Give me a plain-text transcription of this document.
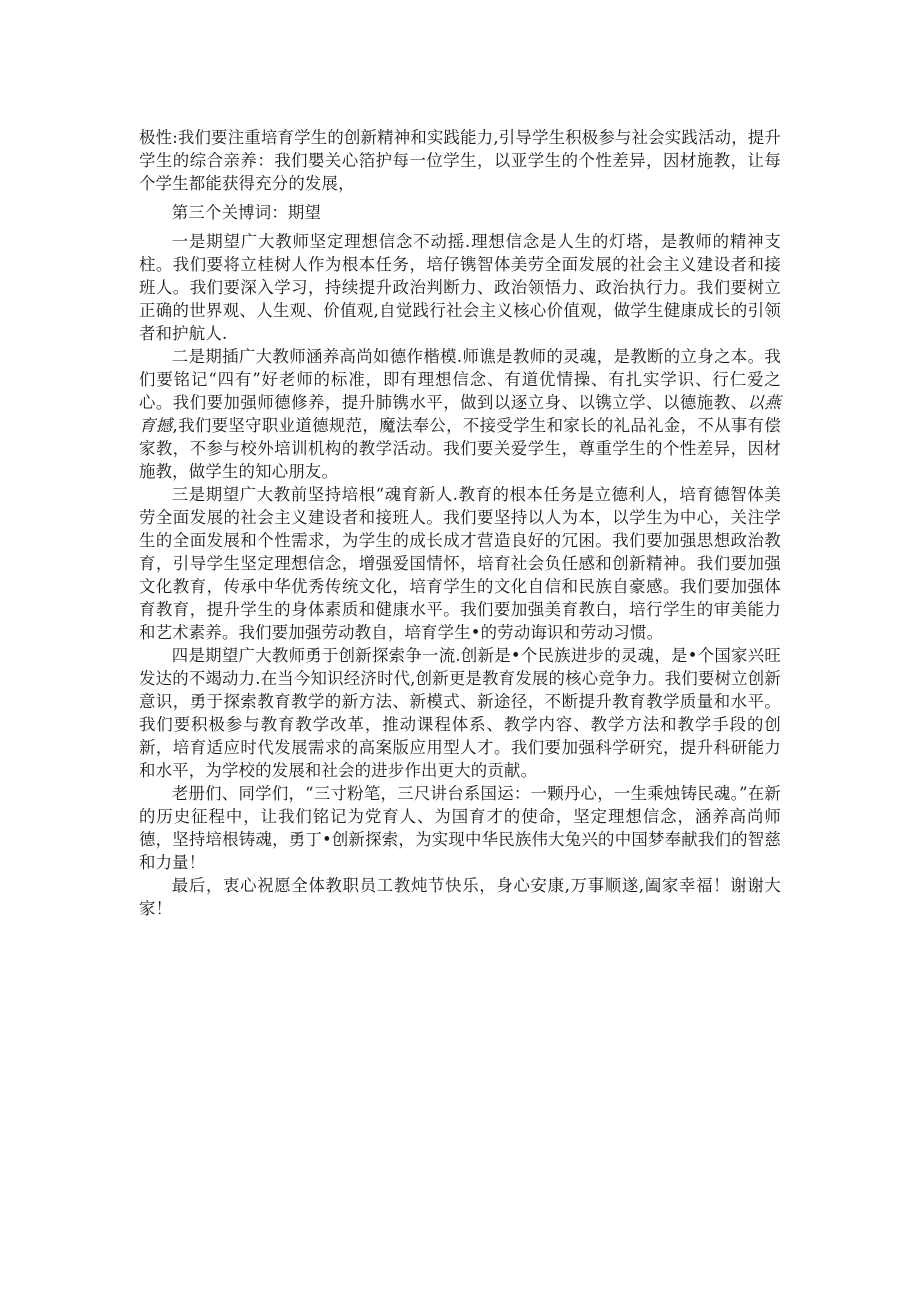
极性:我们要注重培育学生的创新精神和实践能力,引导学生积极参与社会实践活动，提升学生的综合亲养：我们嬰关心箔护每一位学生，以亚学生的个性差异，因材施教，让每个学生都能获得充分的发展，

第三个关博词：期望

一是期望广大教师坚定理想信念不动摇.理想信念是人生的灯塔，是教师的精神支柱。我们要将立桂树人作为根本任务，培仔镌智体美劳全面发展的社会主义建设者和接班人。我们要深入学习，持续提升政治判断力、政治领悟力、政治执行力。我们要树立正确的世界观、人生观、价值观,自觉践行社会主义核心价值观，做学生健康成长的引领者和护航人.

二是期插广大教师涵养高尚如德作楷模.师谯是教师的灵魂，是教断的立身之本。我们要铭记“四有”好老师的标准，即有理想信念、有道优情操、有扎实学识、行仁爱之心。我们要加强师德修养，提升肺镌水平，做到以逐立身、以镌立学、以德施教、以燕育撼,我们要坚守职业道德规范，魔法奉公，不接受学生和家长的礼品礼金，不从事有偿家教，不参与校外培训机构的教学活动。我们要关爱学生，尊重学生的个性差异，因材施教，做学生的知心朋友。

三是期望广大教前坚持培根“魂育新人.教育的根本任务是立德利人，培育德智体美劳全面发展的社会主义建设者和接班人。我们要坚持以人为本，以学生为中心，关注学生的全面发展和个性需求，为学生的成长成才营造良好的冗困。我们要加强思想政治教育，引导学生坚定理想信念，增强爱国情怀，培育社会负任感和创新精神。我们要加强文化教育，传承中华优秀传统文化，培育学生的文化自信和民族自豪感。我们要加强体育教育，提升学生的身体素质和健康水平。我们要加强美育教白，培行学生的审美能力和艺术素养。我们要加强劳动教自，培育学生•的劳动诲识和劳动习惯。

四是期望广大教师勇于创新探索争一流.创新是•个民族进步的灵魂，是•个国家兴旺发达的不竭动力.在当今知识经济时代,创新更是教育发展的核心竞争力。我们要树立创新意识，勇于探索教育教学的新方法、新模式、新途径，不断提升教育教学质量和水平。我们要积极参与教育教学改革，推动课程体系、教学内容、教学方法和教学手段的创新，培育适应时代发展需求的高案版应用型人才。我们要加强科学研究，提升科研能力和水平，为学校的发展和社会的进步作出更大的贡献。

老册们、同学们，“三寸粉笔，三尺讲台系国运：一颗丹心，一生乘烛铸民魂。”在新的历史征程中，让我们铭记为党育人、为国育才的使命，坚定理想信念，涵养高尚师德，坚持培根铸魂，勇丁•创新探索，为实现中华民族伟大兔兴的中国梦奉献我们的智慈和力量！

最后，衷心祝愿全体教职员工教炖节快乐，身心安康,万事顺遂,阖家幸福！谢谢大家！
